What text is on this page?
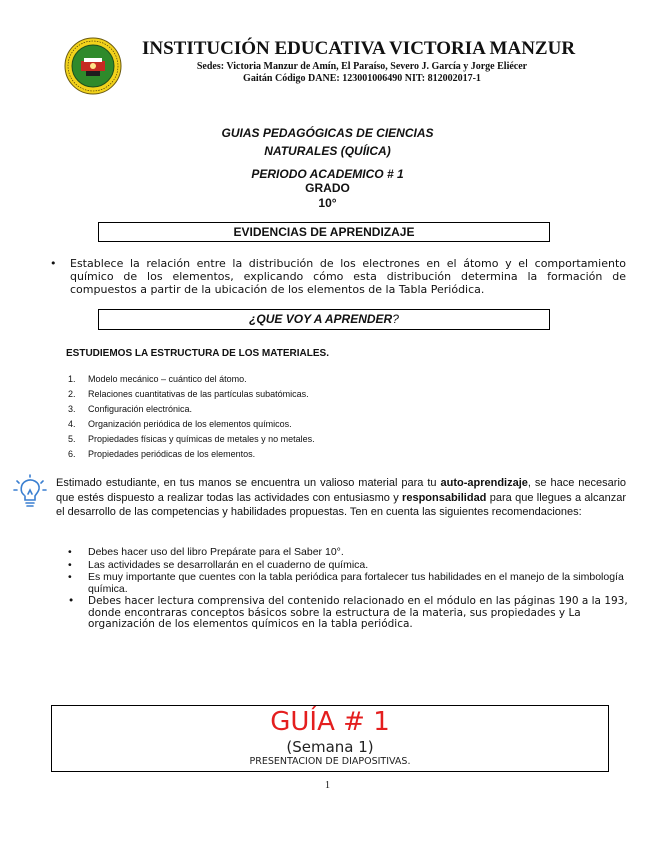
INSTITUCIÓN EDUCATIVA VICTORIA MANZUR
Sedes: Victoria Manzur de Amín, El Paraíso, Severo J. García y Jorge Eliécer
Gaitán Código DANE: 123001006490 NIT: 812002017-1
GUIAS PEDAGÓGICAS DE CIENCIAS
NATURALES (QUÍICA)
PERIODO ACADEMICO # 1
GRADO
10°
EVIDENCIAS DE APRENDIZAJE
• Establece la relación entre la distribución de los electrones en el átomo y el comportamiento químico de los elementos, explicando cómo esta distribución determina la formación de compuestos a partir de la ubicación de los elementos de la Tabla Periódica.
¿QUE VOY A APRENDER?
ESTUDIEMOS LA ESTRUCTURA DE LOS MATERIALES.
1. Modelo mecánico – cuántico del átomo.
2. Relaciones cuantitativas de las partículas subatómicas.
3. Configuración electrónica.
4. Organización periódica de los elementos químicos.
5. Propiedades físicas y químicas de metales y no metales.
6. Propiedades periódicas de los elementos.
Estimado estudiante, en tus manos se encuentra un valioso material para tu auto-aprendizaje, se hace necesario que estés dispuesto a realizar todas las actividades con entusiasmo y responsabilidad para que llegues a alcanzar el desarrollo de las competencias y habilidades propuestas. Ten en cuenta las siguientes recomendaciones:
• Debes hacer uso del libro Prepárate para el Saber 10°.
• Las actividades se desarrollarán en el cuaderno de química.
• Es muy importante que cuentes con la tabla periódica para fortalecer tus habilidades en el manejo de la simbología química.
• Debes hacer lectura comprensiva del contenido relacionado en el módulo en las páginas 190 a la 193, donde encontraras conceptos básicos sobre la estructura de la materia, sus propiedades y La organización de los elementos químicos en la tabla periódica.
GUÍA # 1
(Semana 1)
PRESENTACION DE DIAPOSITIVAS.
1
